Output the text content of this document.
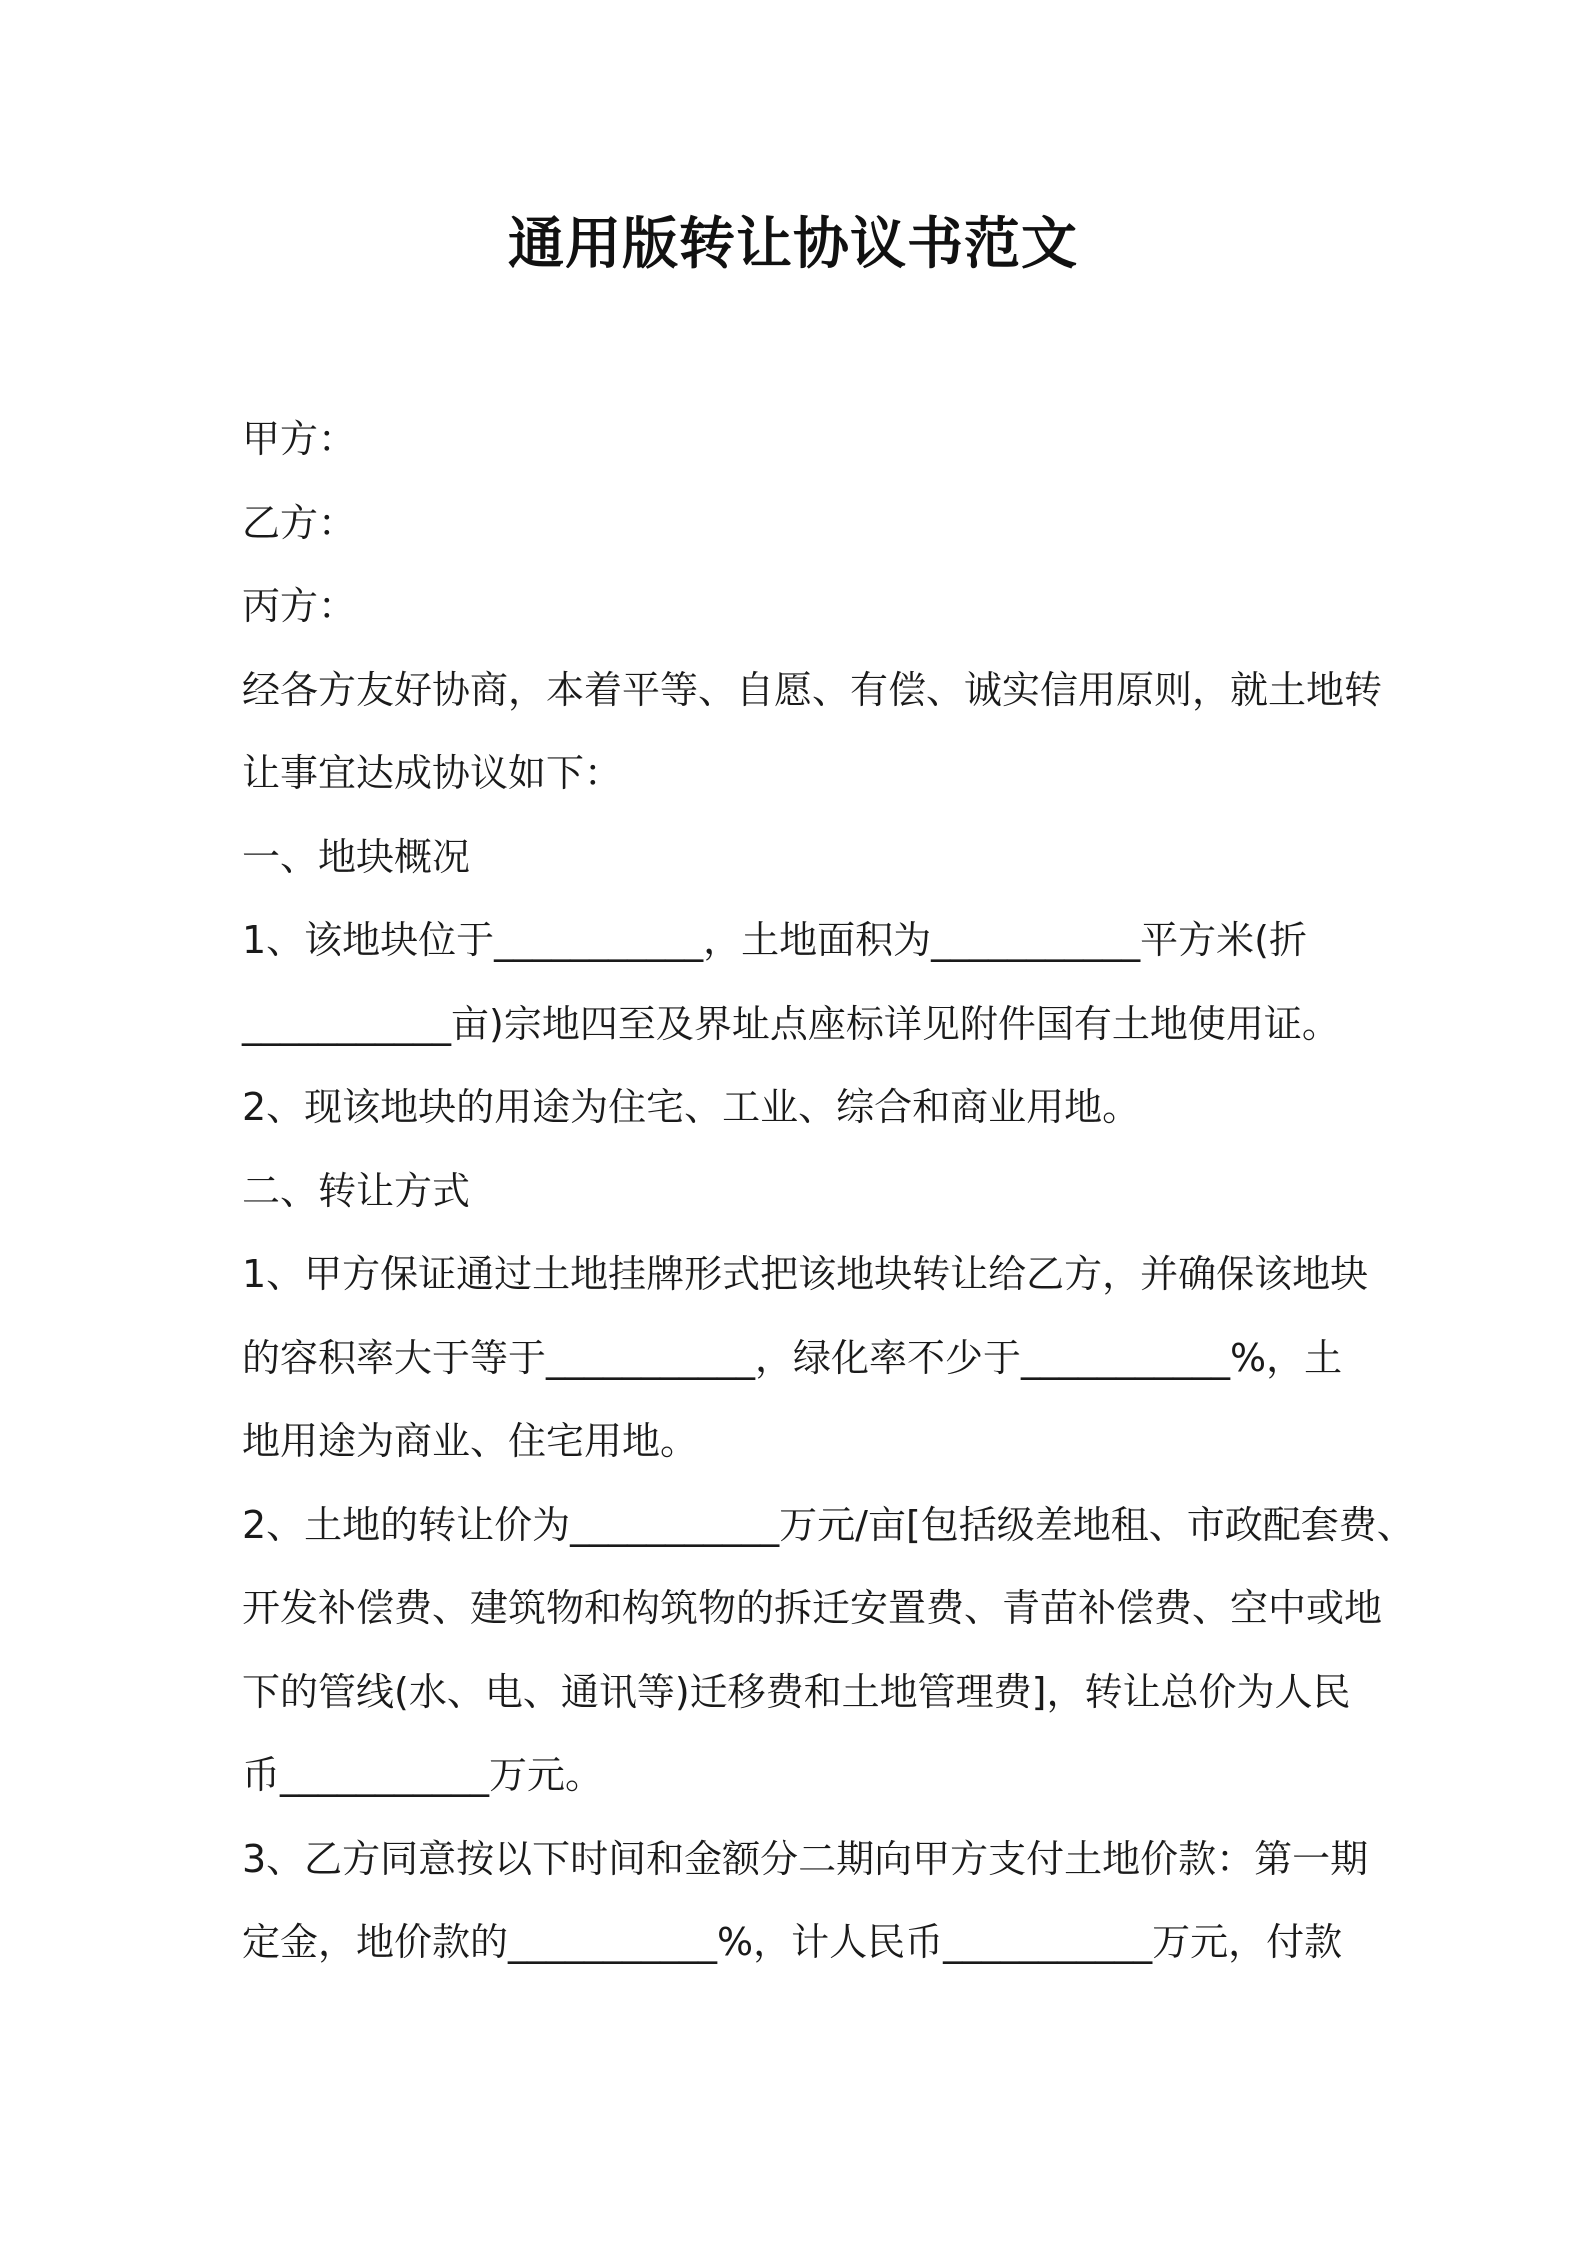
通用版转让协议书范文

甲方：

乙方：

丙方：

经各方友好协商，本着平等、自愿、有偿、诚实信用原则，就土地转

让事宜达成协议如下：

一、地块概况

1、该地块位于___________，土地面积为___________平方米(折

___________亩)宗地四至及界址点座标详见附件国有土地使用证。

2、现该地块的用途为住宅、工业、综合和商业用地。

二、转让方式

1、甲方保证通过土地挂牌形式把该地块转让给乙方，并确保该地块

的容积率大于等于___________，绿化率不少于___________%，土

地用途为商业、住宅用地。

2、土地的转让价为___________万元/亩[包括级差地租、市政配套费、

开发补偿费、建筑物和构筑物的拆迁安置费、青苗补偿费、空中或地

下的管线(水、电、通讯等)迁移费和土地管理费]，转让总价为人民

币___________万元。

3、乙方同意按以下时间和金额分二期向甲方支付土地价款：第一期

定金，地价款的___________%，计人民币___________万元，付款
